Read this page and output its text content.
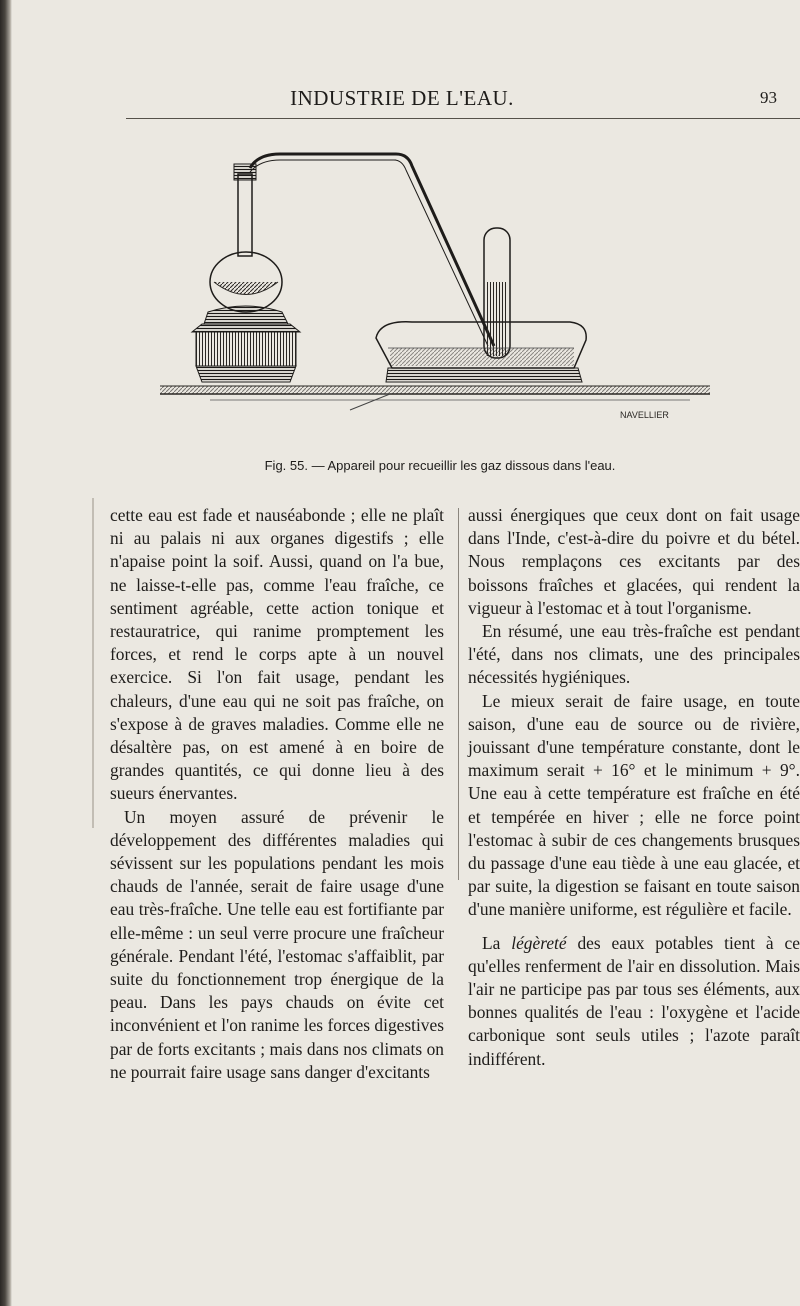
INDUSTRIE DE L'EAU.	93
NAVELLIER
Fig. 55. — Appareil pour recueillir les gaz dissous dans l'eau.

cette eau est fade et nauséabonde ; elle ne plaît ni au palais ni aux organes digestifs ; elle n'apaise point la soif. Aussi, quand on l'a bue, ne laisse-t-elle pas, comme l'eau fraîche, ce sentiment agréable, cette action tonique et restauratrice, qui ranime promptement les forces, et rend le corps apte à un nouvel exercice. Si l'on fait usage, pendant les chaleurs, d'une eau qui ne soit pas fraîche, on s'expose à de graves maladies. Comme elle ne désaltère pas, on est amené à en boire de grandes quantités, ce qui donne lieu à des sueurs énervantes.

Un moyen assuré de prévenir le développement des différentes maladies qui sévissent sur les populations pendant les mois chauds de l'année, serait de faire usage d'une eau très-fraîche. Une telle eau est fortifiante par elle-même : un seul verre procure une fraîcheur générale. Pendant l'été, l'estomac s'affaiblit, par suite du fonctionnement trop énergique de la peau. Dans les pays chauds on évite cet inconvénient et l'on ranime les forces digestives par de forts excitants ; mais dans nos climats on ne pourrait faire usage sans danger d'excitants

aussi énergiques que ceux dont on fait usage dans l'Inde, c'est-à-dire du poivre et du bétel. Nous remplaçons ces excitants par des boissons fraîches et glacées, qui rendent la vigueur à l'estomac et à tout l'organisme.

En résumé, une eau très-fraîche est pendant l'été, dans nos climats, une des principales nécessités hygiéniques.

Le mieux serait de faire usage, en toute saison, d'une eau de source ou de rivière, jouissant d'une température constante, dont le maximum serait + 16° et le minimum + 9°. Une eau à cette température est fraîche en été et tempérée en hiver ; elle ne force point l'estomac à subir de ces changements brusques du passage d'une eau tiède à une eau glacée, et par suite, la digestion se faisant en toute saison d'une manière uniforme, est régulière et facile.

La légèreté des eaux potables tient à ce qu'elles renferment de l'air en dissolution. Mais l'air ne participe pas par tous ses éléments, aux bonnes qualités de l'eau : l'oxygène et l'acide carbonique sont seuls utiles ; l'azote paraît indifférent.
